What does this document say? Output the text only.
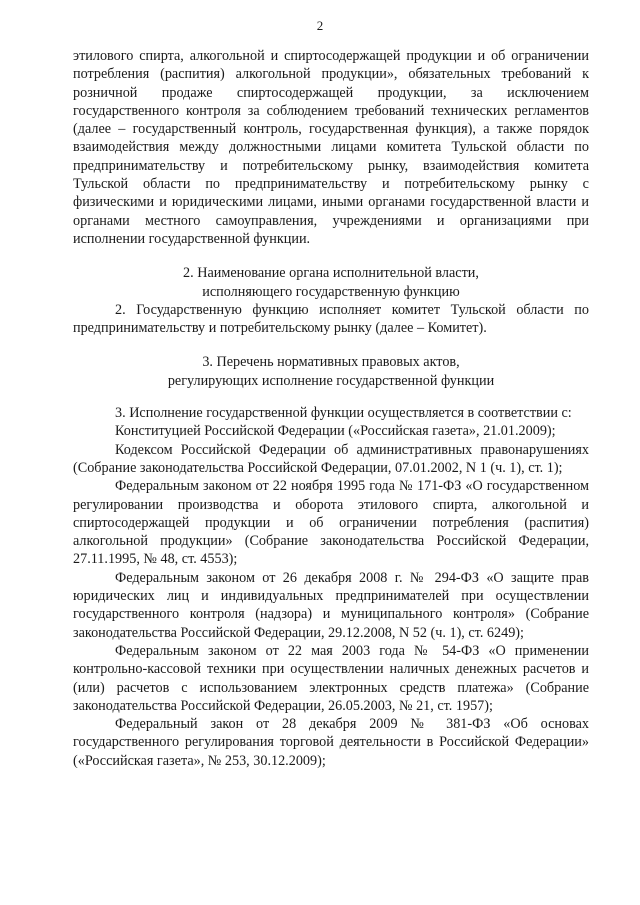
2

этилового спирта, алкогольной и спиртосодержащей продукции и об ограничении потребления (распития) алкогольной продукции», обязательных требований к розничной продаже спиртосодержащей продукции, за исключением государственного контроля за соблюдением требований технических регламентов (далее – государственный контроль, государственная функция), а также порядок взаимодействия между должностными лицами комитета Тульской области по предпринимательству и потребительскому рынку, взаимодействия комитета Тульской области по предпринимательству и потребительскому рынку с физическими и юридическими лицами, иными органами государственной власти и органами местного самоуправления, учреждениями и организациями при исполнении государственной функции.

2. Наименование органа исполнительной власти,

исполняющего государственную функцию

2. Государственную функцию исполняет комитет Тульской области по предпринимательству и потребительскому рынку (далее – Комитет).

3. Перечень нормативных правовых актов,

регулирующих исполнение государственной функции

3. Исполнение государственной функции осуществляется в соответствии с:

Конституцией Российской Федерации («Российская газета», 21.01.2009);

Кодексом Российской Федерации об административных правонарушениях (Собрание законодательства Российской Федерации, 07.01.2002, N 1 (ч. 1), ст. 1);

Федеральным законом от 22 ноября 1995 года № 171-ФЗ «О государственном регулировании производства и оборота этилового спирта, алкогольной и спиртосодержащей продукции и об ограничении потребления (распития) алкогольной продукции» (Собрание законодательства Российской Федерации, 27.11.1995, № 48, ст. 4553);

Федеральным законом от 26 декабря 2008 г. № 294-ФЗ «О защите прав юридических лиц и индивидуальных предпринимателей при осуществлении государственного контроля (надзора) и муниципального контроля» (Собрание законодательства Российской Федерации, 29.12.2008, N 52 (ч. 1), ст. 6249);

Федеральным законом от 22 мая 2003 года № 54-ФЗ «О применении контрольно-кассовой техники при осуществлении наличных денежных расчетов и (или) расчетов с использованием электронных средств платежа» (Собрание законодательства Российской Федерации, 26.05.2003, № 21, ст. 1957);

Федеральный закон от 28 декабря 2009 № 381-ФЗ «Об основах государственного регулирования торговой деятельности в Российской Федерации» («Российская газета», № 253, 30.12.2009);
